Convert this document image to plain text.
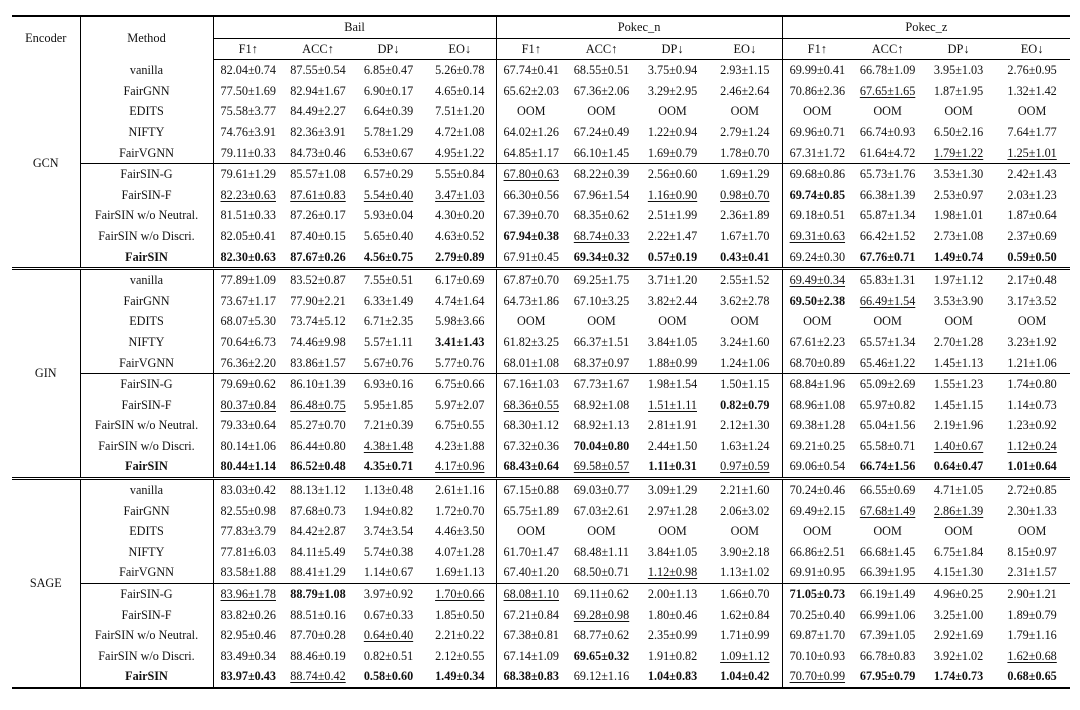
Encoder	Method	Bail				Pokec_n				Pokec_z			
		F1↑	ACC↑	DP↓	EO↓	F1↑	ACC↑	DP↓	EO↓	F1↑	ACC↑	DP↓	EO↓
GCN	vanilla	82.04±0.74	87.55±0.54	6.85±0.47	5.26±0.78	67.74±0.41	68.55±0.51	3.75±0.94	2.93±1.15	69.99±0.41	66.78±1.09	3.95±1.03	2.76±0.95
	FairGNN	77.50±1.69	82.94±1.67	6.90±0.17	4.65±0.14	65.62±2.03	67.36±2.06	3.29±2.95	2.46±2.64	70.86±2.36	67.65±1.65	1.87±1.95	1.32±1.42
	EDITS	75.58±3.77	84.49±2.27	6.64±0.39	7.51±1.20	OOM	OOM	OOM	OOM	OOM	OOM	OOM	OOM
	NIFTY	74.76±3.91	82.36±3.91	5.78±1.29	4.72±1.08	64.02±1.26	67.24±0.49	1.22±0.94	2.79±1.24	69.96±0.71	66.74±0.93	6.50±2.16	7.64±1.77
	FairVGNN	79.11±0.33	84.73±0.46	6.53±0.67	4.95±1.22	64.85±1.17	66.10±1.45	1.69±0.79	1.78±0.70	67.31±1.72	61.64±4.72	1.79±1.22	1.25±1.01
	FairSIN-G	79.61±1.29	85.57±1.08	6.57±0.29	5.55±0.84	67.80±0.63	68.22±0.39	2.56±0.60	1.69±1.29	69.68±0.86	65.73±1.76	3.53±1.30	2.42±1.43
	FairSIN-F	82.23±0.63	87.61±0.83	5.54±0.40	3.47±1.03	66.30±0.56	67.96±1.54	1.16±0.90	0.98±0.70	69.74±0.85	66.38±1.39	2.53±0.97	2.03±1.23
	FairSIN w/o Neutral.	81.51±0.33	87.26±0.17	5.93±0.04	4.30±0.20	67.39±0.70	68.35±0.62	2.51±1.99	2.36±1.89	69.18±0.51	65.87±1.34	1.98±1.01	1.87±0.64
	FairSIN w/o Discri.	82.05±0.41	87.40±0.15	5.65±0.40	4.63±0.52	67.94±0.38	68.74±0.33	2.22±1.47	1.67±1.70	69.31±0.63	66.42±1.52	2.73±1.08	2.37±0.69
	FairSIN	82.30±0.63	87.67±0.26	4.56±0.75	2.79±0.89	67.91±0.45	69.34±0.32	0.57±0.19	0.43±0.41	69.24±0.30	67.76±0.71	1.49±0.74	0.59±0.50
GIN	vanilla	77.89±1.09	83.52±0.87	7.55±0.51	6.17±0.69	67.87±0.70	69.25±1.75	3.71±1.20	2.55±1.52	69.49±0.34	65.83±1.31	1.97±1.12	2.17±0.48
	FairGNN	73.67±1.17	77.90±2.21	6.33±1.49	4.74±1.64	64.73±1.86	67.10±3.25	3.82±2.44	3.62±2.78	69.50±2.38	66.49±1.54	3.53±3.90	3.17±3.52
	EDITS	68.07±5.30	73.74±5.12	6.71±2.35	5.98±3.66	OOM	OOM	OOM	OOM	OOM	OOM	OOM	OOM
	NIFTY	70.64±6.73	74.46±9.98	5.57±1.11	3.41±1.43	61.82±3.25	66.37±1.51	3.84±1.05	3.24±1.60	67.61±2.23	65.57±1.34	2.70±1.28	3.23±1.92
	FairVGNN	76.36±2.20	83.86±1.57	5.67±0.76	5.77±0.76	68.01±1.08	68.37±0.97	1.88±0.99	1.24±1.06	68.70±0.89	65.46±1.22	1.45±1.13	1.21±1.06
	FairSIN-G	79.69±0.62	86.10±1.39	6.93±0.16	6.75±0.66	67.16±1.03	67.73±1.67	1.98±1.54	1.50±1.15	68.84±1.96	65.09±2.69	1.55±1.23	1.74±0.80
	FairSIN-F	80.37±0.84	86.48±0.75	5.95±1.85	5.97±2.07	68.36±0.55	68.92±1.08	1.51±1.11	0.82±0.79	68.96±1.08	65.97±0.82	1.45±1.15	1.14±0.73
	FairSIN w/o Neutral.	79.33±0.64	85.27±0.70	7.21±0.39	6.75±0.55	68.30±1.12	68.92±1.13	2.81±1.91	2.12±1.30	69.38±1.28	65.04±1.56	2.19±1.96	1.23±0.92
	FairSIN w/o Discri.	80.14±1.06	86.44±0.80	4.38±1.48	4.23±1.88	67.32±0.36	70.04±0.80	2.44±1.50	1.63±1.24	69.21±0.25	65.58±0.71	1.40±0.67	1.12±0.24
	FairSIN	80.44±1.14	86.52±0.48	4.35±0.71	4.17±0.96	68.43±0.64	69.58±0.57	1.11±0.31	0.97±0.59	69.06±0.54	66.74±1.56	0.64±0.47	1.01±0.64
SAGE	vanilla	83.03±0.42	88.13±1.12	1.13±0.48	2.61±1.16	67.15±0.88	69.03±0.77	3.09±1.29	2.21±1.60	70.24±0.46	66.55±0.69	4.71±1.05	2.72±0.85
	FairGNN	82.55±0.98	87.68±0.73	1.94±0.82	1.72±0.70	65.75±1.89	67.03±2.61	2.97±1.28	2.06±3.02	69.49±2.15	67.68±1.49	2.86±1.39	2.30±1.33
	EDITS	77.83±3.79	84.42±2.87	3.74±3.54	4.46±3.50	OOM	OOM	OOM	OOM	OOM	OOM	OOM	OOM
	NIFTY	77.81±6.03	84.11±5.49	5.74±0.38	4.07±1.28	61.70±1.47	68.48±1.11	3.84±1.05	3.90±2.18	66.86±2.51	66.68±1.45	6.75±1.84	8.15±0.97
	FairVGNN	83.58±1.88	88.41±1.29	1.14±0.67	1.69±1.13	67.40±1.20	68.50±0.71	1.12±0.98	1.13±1.02	69.91±0.95	66.39±1.95	4.15±1.30	2.31±1.57
	FairSIN-G	83.96±1.78	88.79±1.08	3.97±0.92	1.70±0.66	68.08±1.10	69.11±0.62	2.00±1.13	1.66±0.70	71.05±0.73	66.19±1.49	4.96±0.25	2.90±1.21
	FairSIN-F	83.82±0.26	88.51±0.16	0.67±0.33	1.85±0.50	67.21±0.84	69.28±0.98	1.80±0.46	1.62±0.84	70.25±0.40	66.99±1.06	3.25±1.00	1.89±0.79
	FairSIN w/o Neutral.	82.95±0.46	87.70±0.28	0.64±0.40	2.21±0.22	67.38±0.81	68.77±0.62	2.35±0.99	1.71±0.99	69.87±1.70	67.39±1.05	2.92±1.69	1.79±1.16
	FairSIN w/o Discri.	83.49±0.34	88.46±0.19	0.82±0.51	2.12±0.55	67.14±1.09	69.65±0.32	1.91±0.82	1.09±1.12	70.10±0.93	66.78±0.83	3.92±1.02	1.62±0.68
	FairSIN	83.97±0.43	88.74±0.42	0.58±0.60	1.49±0.34	68.38±0.83	69.12±1.16	1.04±0.83	1.04±0.42	70.70±0.99	67.95±0.79	1.74±0.73	0.68±0.65
